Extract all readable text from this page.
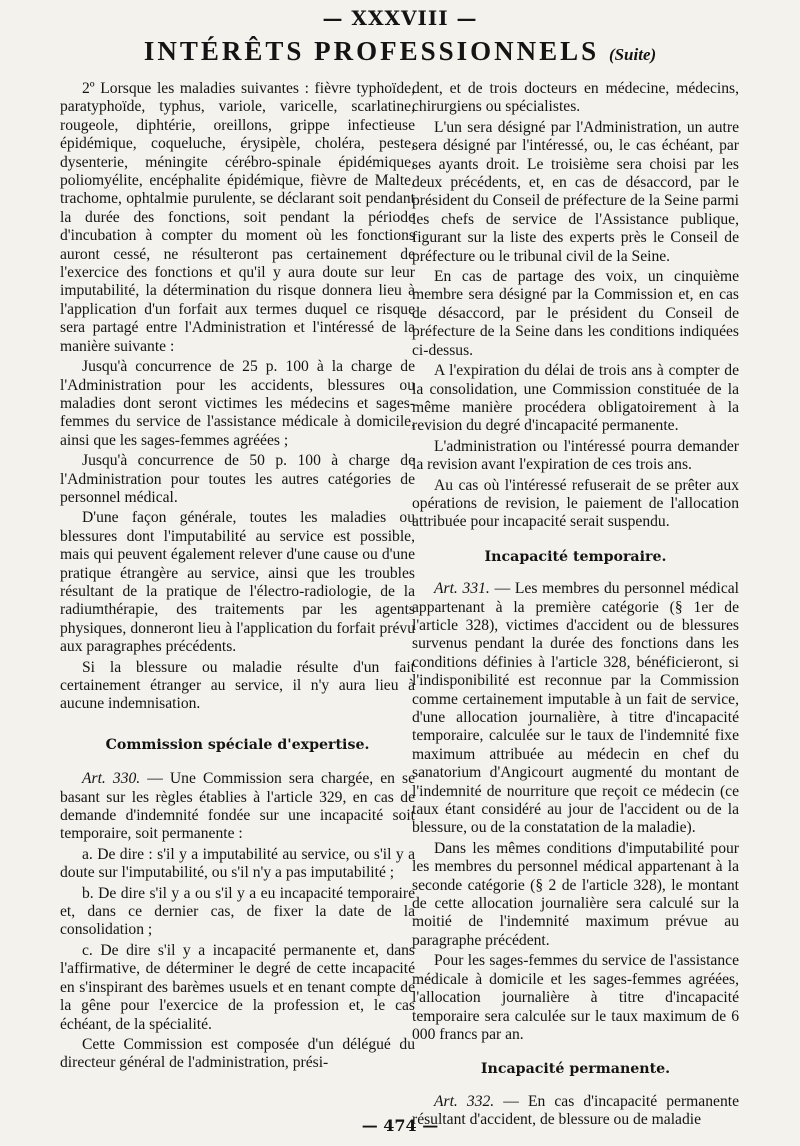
— XXXVIII —
INTÉRÊTS PROFESSIONNELS (Suite)

2º Lorsque les maladies suivantes : fièvre typhoïde, paratyphoïde, typhus, variole, varicelle, scarlatine, rougeole, diphtérie, oreillons, grippe infectieuse épidémique, coqueluche, érysipèle, choléra, peste, dysenterie, méningite cérébro-spinale épidémique, poliomyélite, encéphalite épidémique, fièvre de Malte, trachome, ophtalmie purulente, se déclarant soit pendant la durée des fonctions, soit pendant la période d'incubation à compter du moment où les fonctions auront cessé, ne résulteront pas certainement de l'exercice des fonctions et qu'il y aura doute sur leur imputabilité, la détermination du risque donnera lieu à l'application d'un forfait aux termes duquel ce risque sera partagé entre l'Administration et l'intéressé de la manière suivante :

Jusqu'à concurrence de 25 p. 100 à la charge de l'Administration pour les accidents, blessures ou maladies dont seront victimes les médecins et sages-femmes du service de l'assistance médicale à domicile, ainsi que les sages-femmes agréées ;

Jusqu'à concurrence de 50 p. 100 à charge de l'Administration pour toutes les autres catégories de personnel médical.

D'une façon générale, toutes les maladies ou blessures dont l'imputabilité au service est possible, mais qui peuvent également relever d'une cause ou d'une pratique étrangère au service, ainsi que les troubles résultant de la pratique de l'électro-radiologie, de la radiumthérapie, des traitements par les agents physiques, donneront lieu à l'application du forfait prévu aux paragraphes précédents.

Si la blessure ou maladie résulte d'un fait certainement étranger au service, il n'y aura lieu à aucune indemnisation.

Commission spéciale d'expertise.

Art. 330. — Une Commission sera chargée, en se basant sur les règles établies à l'article 329, en cas de demande d'indemnité fondée sur une incapacité soit temporaire, soit permanente :

a. De dire : s'il y a imputabilité au service, ou s'il y a doute sur l'imputabilité, ou s'il n'y a pas imputabilité ;

b. De dire s'il y a ou s'il y a eu incapacité temporaire et, dans ce dernier cas, de fixer la date de la consolidation ;

c. De dire s'il y a incapacité permanente et, dans l'affirmative, de déterminer le degré de cette incapacité en s'inspirant des barèmes usuels et en tenant compte de la gêne pour l'exercice de la profession et, le cas échéant, de la spécialité.

Cette Commission est composée d'un délégué du directeur général de l'administration, prési-

dent, et de trois docteurs en médecine, médecins, chirurgiens ou spécialistes.

L'un sera désigné par l'Administration, un autre sera désigné par l'intéressé, ou, le cas échéant, par ses ayants droit. Le troisième sera choisi par les deux précédents, et, en cas de désaccord, par le président du Conseil de préfecture de la Seine parmi les chefs de service de l'Assistance publique, figurant sur la liste des experts près le Conseil de préfecture ou le tribunal civil de la Seine.

En cas de partage des voix, un cinquième membre sera désigné par la Commission et, en cas de désaccord, par le président du Conseil de préfecture de la Seine dans les conditions indiquées ci-dessus.

A l'expiration du délai de trois ans à compter de la consolidation, une Commission constituée de la même manière procédera obligatoirement à la revision du degré d'incapacité permanente.

L'administration ou l'intéressé pourra demander la revision avant l'expiration de ces trois ans.

Au cas où l'intéressé refuserait de se prêter aux opérations de revision, le paiement de l'allocation attribuée pour incapacité serait suspendu.

Incapacité temporaire.

Art. 331. — Les membres du personnel médical appartenant à la première catégorie (§ 1er de l'article 328), victimes d'accident ou de blessures survenus pendant la durée des fonctions dans les conditions définies à l'article 328, bénéficieront, si l'indisponibilité est reconnue par la Commission comme certainement imputable à un fait de service, d'une allocation journalière, à titre d'incapacité temporaire, calculée sur le taux de l'indemnité fixe maximum attribuée au médecin en chef du sanatorium d'Angicourt augmenté du montant de l'indemnité de nourriture que reçoit ce médecin (ce taux étant considéré au jour de l'accident ou de la blessure, ou de la constatation de la maladie).

Dans les mêmes conditions d'imputabilité pour les membres du personnel médical appartenant à la seconde catégorie (§ 2 de l'article 328), le montant de cette allocation journalière sera calculé sur la moitié de l'indemnité maximum prévue au paragraphe précédent.

Pour les sages-femmes du service de l'assistance médicale à domicile et les sages-femmes agréées, l'allocation journalière à titre d'incapacité temporaire sera calculée sur le taux maximum de 6 000 francs par an.

Incapacité permanente.

Art. 332. — En cas d'incapacité permanente résultant d'accident, de blessure ou de maladie

— 474 —
